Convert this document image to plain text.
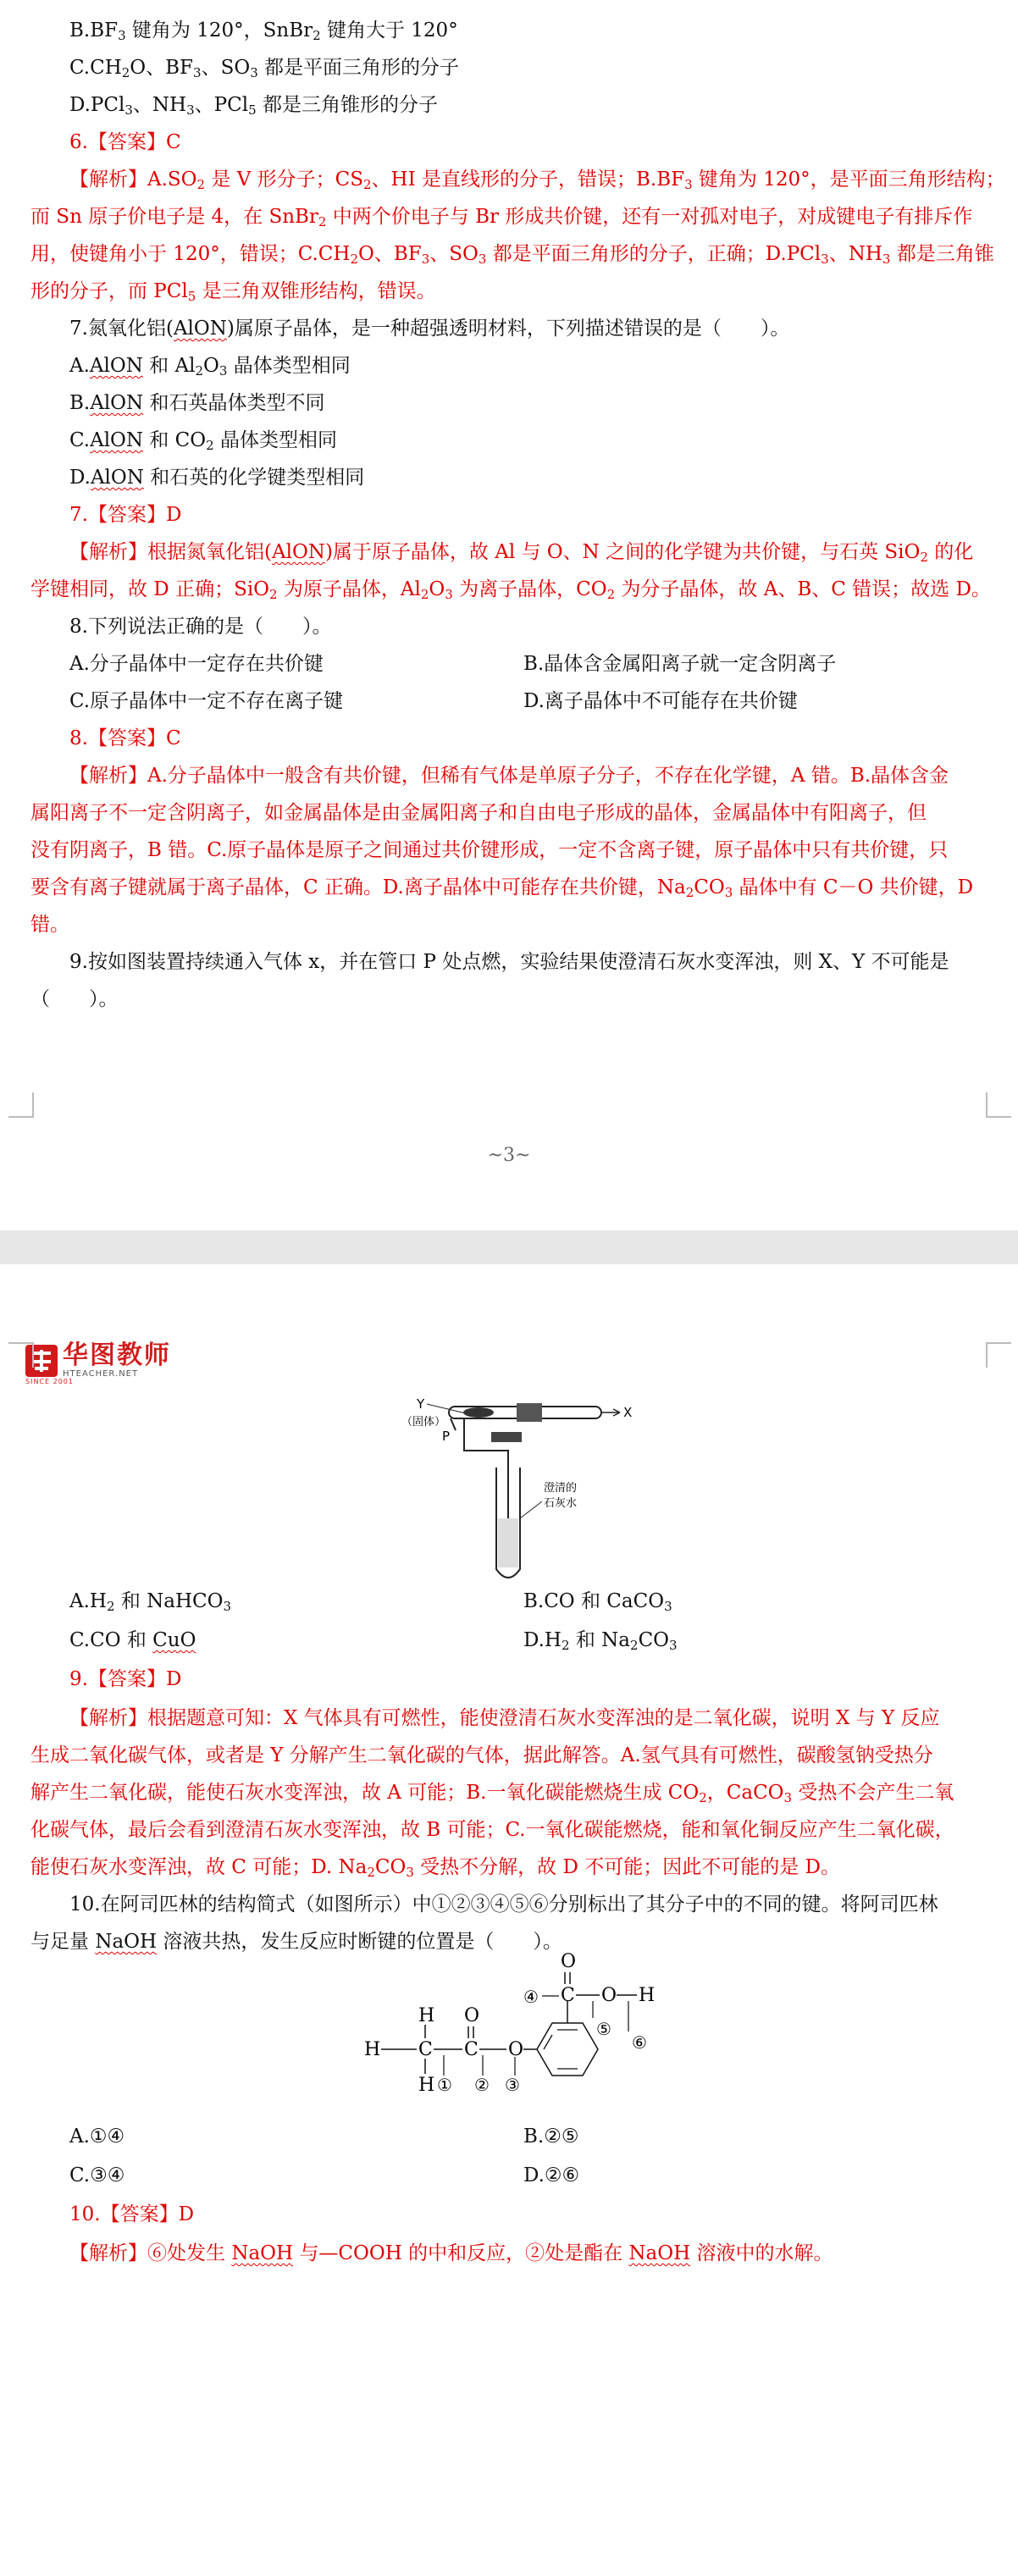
$B.BF_3$ 键角为 120°，SnBr$_2$ 键角大于 120°
$C.CH_2O$、$BF_3$、$SO_3$ 都是平面三角形的分子
D.PCl$_3$、$NH_3$、PCl$_5$ 都是三角锥形的分子
6.【答案】C
【解析】$A.SO_2$ 是 V 形分子；$CS_2$、HI 是直线形的分子，错误；$B.BF_3$ 键角为 120°，是平面三角形结构；
而 Sn 原子价电子是 4，在 SnBr$_2$ 中两个价电子与 Br 形成共价键，还有一对孤对电子，对成键电子有排斥作
用，使键角小于 120°，错误；$C.CH_2O$、$BF_3$、$SO_3$ 都是平面三角形的分子，正确；D.PCl$_3$、$NH_3$ 都是三角锥
形的分子，而 PCl$_5$ 是三角双锥形结构，错误。
7.氮氧化铝(AlON)属原子晶体，是一种超强透明材料，下列描述错误的是（　　）。
A.AlON 和 $Al_2O_3$ 晶体类型相同
B.AlON 和石英晶体类型不同
C.AlON 和 $CO_2$ 晶体类型相同
D.AlON 和石英的化学键类型相同
7.【答案】D
【解析】根据氮氧化铝(AlON)属于原子晶体，故 Al 与 O、N 之间的化学键为共价键，与石英 SiO$_2$ 的化
学键相同，故 D 正确；SiO$_2$ 为原子晶体，$Al_2O_3$ 为离子晶体，$CO_2$ 为分子晶体，故 A、B、C 错误；故选 D。
8.下列说法正确的是（　　）。
A.分子晶体中一定存在共价键	B.晶体含金属阳离子就一定含阴离子
C.原子晶体中一定不存在离子键	D.离子晶体中不可能存在共价键
8.【答案】C
【解析】A.分子晶体中一般含有共价键，但稀有气体是单原子分子，不存在化学键，A 错。B.晶体含金
属阳离子不一定含阴离子，如金属晶体是由金属阳离子和自由电子形成的晶体，金属晶体中有阳离子，但
没有阴离子，B 错。C.原子晶体是原子之间通过共价键形成，一定不含离子键，原子晶体中只有共价键，只
要含有离子键就属于离子晶体，C 正确。D.离子晶体中可能存在共价键，$Na_2CO_3$ 晶体中有 C－O 共价键，D
错。
9.按如图装置持续通入气体 x，并在管口 P 处点燃，实验结果使澄清石灰水变浑浊，则 X、Y 不可能是
（　　）。
~3~
华图教师
HTEACHER.NET
SINCE 2001
Y
（固体）
X
P
澄清的
石灰水
H
H C
H ①
C
O
②
O
③
④ C
O
O H
⑤
⑥
$A.H_2$ 和 NaHCO$_3$	B.CO 和 CaCO$_3$
C.CO 和 CuO	$D.H_2$ 和 $Na_2CO_3$
9.【答案】D
【解析】根据题意可知：X 气体具有可燃性，能使澄清石灰水变浑浊的是二氧化碳，说明 X 与 Y 反应
生成二氧化碳气体，或者是 Y 分解产生二氧化碳的气体，据此解答。A.氢气具有可燃性，碳酸氢钠受热分
解产生二氧化碳，能使石灰水变浑浊，故 A 可能；B.一氧化碳能燃烧生成 $CO_2$，CaCO$_3$ 受热不会产生二氧
化碳气体，最后会看到澄清石灰水变浑浊，故 B 可能；C.一氧化碳能燃烧，能和氧化铜反应产生二氧化碳，
能使石灰水变浑浊，故 C 可能；D. $Na_2CO_3$ 受热不分解，故 D 不可能；因此不可能的是 D。
10.在阿司匹林的结构简式（如图所示）中①②③④⑤⑥分别标出了其分子中的不同的键。将阿司匹林
与足量 NaOH 溶液共热，发生反应时断键的位置是（　　）。
A.①④	B.②⑤
C.③④	D.②⑥
10.【答案】D
【解析】⑥处发生 NaOH 与—COOH 的中和反应，②处是酯在 NaOH 溶液中的水解。
